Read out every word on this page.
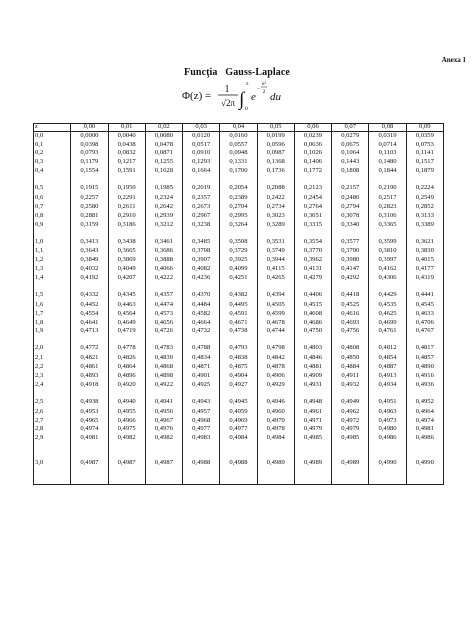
Anexa 1
Funcţia   Gauss-Laplace
Φ(z) =
1
√2π ∫
z
0
e
−
u²
2 du
z	0,00	0,01	0,02	0,03	0,04	0,05	0,06	0,07	0,08	0,09
0,0	0,0000	0,0040	0,0080	0,0120	0,0160	0,0199	0,0239	0,0279	0,0319	0,0359
0,1	0,0398	0,0438	0,0478	0,0517	0,0557	0,0596	0,0636	0,0675	0,0714	0,0753
0,2	0,0793	0,0832	0,0871	0,0910	0,0948	0,0987	0,1026	0,1064	0,1103	0,1141
0,3	0,1179	0,1217	0,1255	0,1293	0,1331	0,1368	0,1406	0,1443	0,1480	0,1517
0,4	0,1554	0,1591	0,1628	0,1664	0,1700	0,1736	0,1772	0,1808	0,1844	0,1879
0,5	0,1915	0,1950	0,1985	0,2019	0,2054	0,2088	0,2123	0,2157	0,2190	0,2224
0,6	0,2257	0,2291	0,2324	0,2357	0,2389	0,2422	0,2454	0,2486	0,2517	0,2549
0,7	0,2580	0,2611	0,2642	0,2673	0,2704	0,2734	0,2764	0,2794	0,2823	0,2852
0,8	0,2881	0,2910	0,2939	0,2967	0,2995	0,3023	0,3051	0,3078	0,3106	0,3133
0,9	0,3159	0,3186	0,3212	0,3238	0,3264	0,3289	0,3315	0,3340	0,3365	0,3389
1,0	0,3413	0,3438	0,3461	0,3485	0,3508	0,3531	0,3554	0,3577	0,3599	0,3621
1,1	0,3643	0,3665	0,3686	0,3708	0,3729	0,3749	0,3770	0,3790	0,3810	0,3830
1,2	0,3849	0,3869	0,3888	0,3907	0,3925	0,3944	0,3962	0,3980	0,3997	0,4015
1,3	0,4032	0,4049	0,4066	0,4082	0,4099	0,4115	0,4131	0,4147	0,4162	0,4177
1,4	0,4192	0,4207	0,4222	0,4236	0,4251	0,4265	0,4279	0,4292	0,4306	0,4319
1,5	0,4332	0,4345	0,4357	0,4370	0,4382	0,4394	0,4406	0,4418	0,4429	0,4441
1,6	0,4452	0,4463	0,4474	0,4484	0,4495	0,4505	0,4515	0,4525	0,4535	0,4545
1,7	0,4554	0,4564	0,4573	0,4582	0,4591	0,4599	0,4608	0,4616	0,4625	0,4633
1,8	0,4641	0,4649	0,4656	0,4664	0,4671	0,4678	0,4686	0,4693	0,4699	0,4706
1,9	0,4713	0,4719	0,4726	0,4732	0,4738	0,4744	0,4750	0,4756	0,4761	0,4767
2,0	0,4772	0,4778	0,4783	0,4788	0,4793	0,4798	0,4803	0,4808	0,4812	0,4817
2,1	0,4821	0,4826	0,4830	0,4834	0,4838	0,4842	0,4846	0,4850	0,4854	0,4857
2,2	0,4861	0,4864	0,4868	0,4871	0,4875	0,4878	0,4881	0,4884	0,4887	0,4890
2,3	0,4893	0,4896	0,4898	0,4901	0,4904	0,4906	0,4909	0,4911	0,4913	0,4916
2,4	0,4918	0,4920	0,4922	0,4925	0,4927	0,4929	0,4931	0,4932	0,4934	0,4936
2,5	0,4938	0,4940	0,4941	0,4943	0,4945	0,4946	0,4948	0,4949	0,4951	0,4952
2,6	0,4953	0,4955	0,4956	0,4957	0,4959	0,4960	0,4961	0,4962	0,4963	0,4964
2,7	0,4965	0,4966	0,4967	0,4968	0,4969	0,4970	0,4971	0,4972	0,4973	0,4974
2,8	0,4974	0,4975	0,4976	0,4977	0,4977	0,4978	0,4979	0,4979	0,4980	0,4981
2,9	0,4981	0,4982	0,4982	0,4983	0,4984	0,4984	0,4985	0,4985	0,4986	0,4986
3,0	0,4987	0,4987	0,4987	0,4988	0,4988	0,4989	0,4989	0,4989	0,4990	0,4990
